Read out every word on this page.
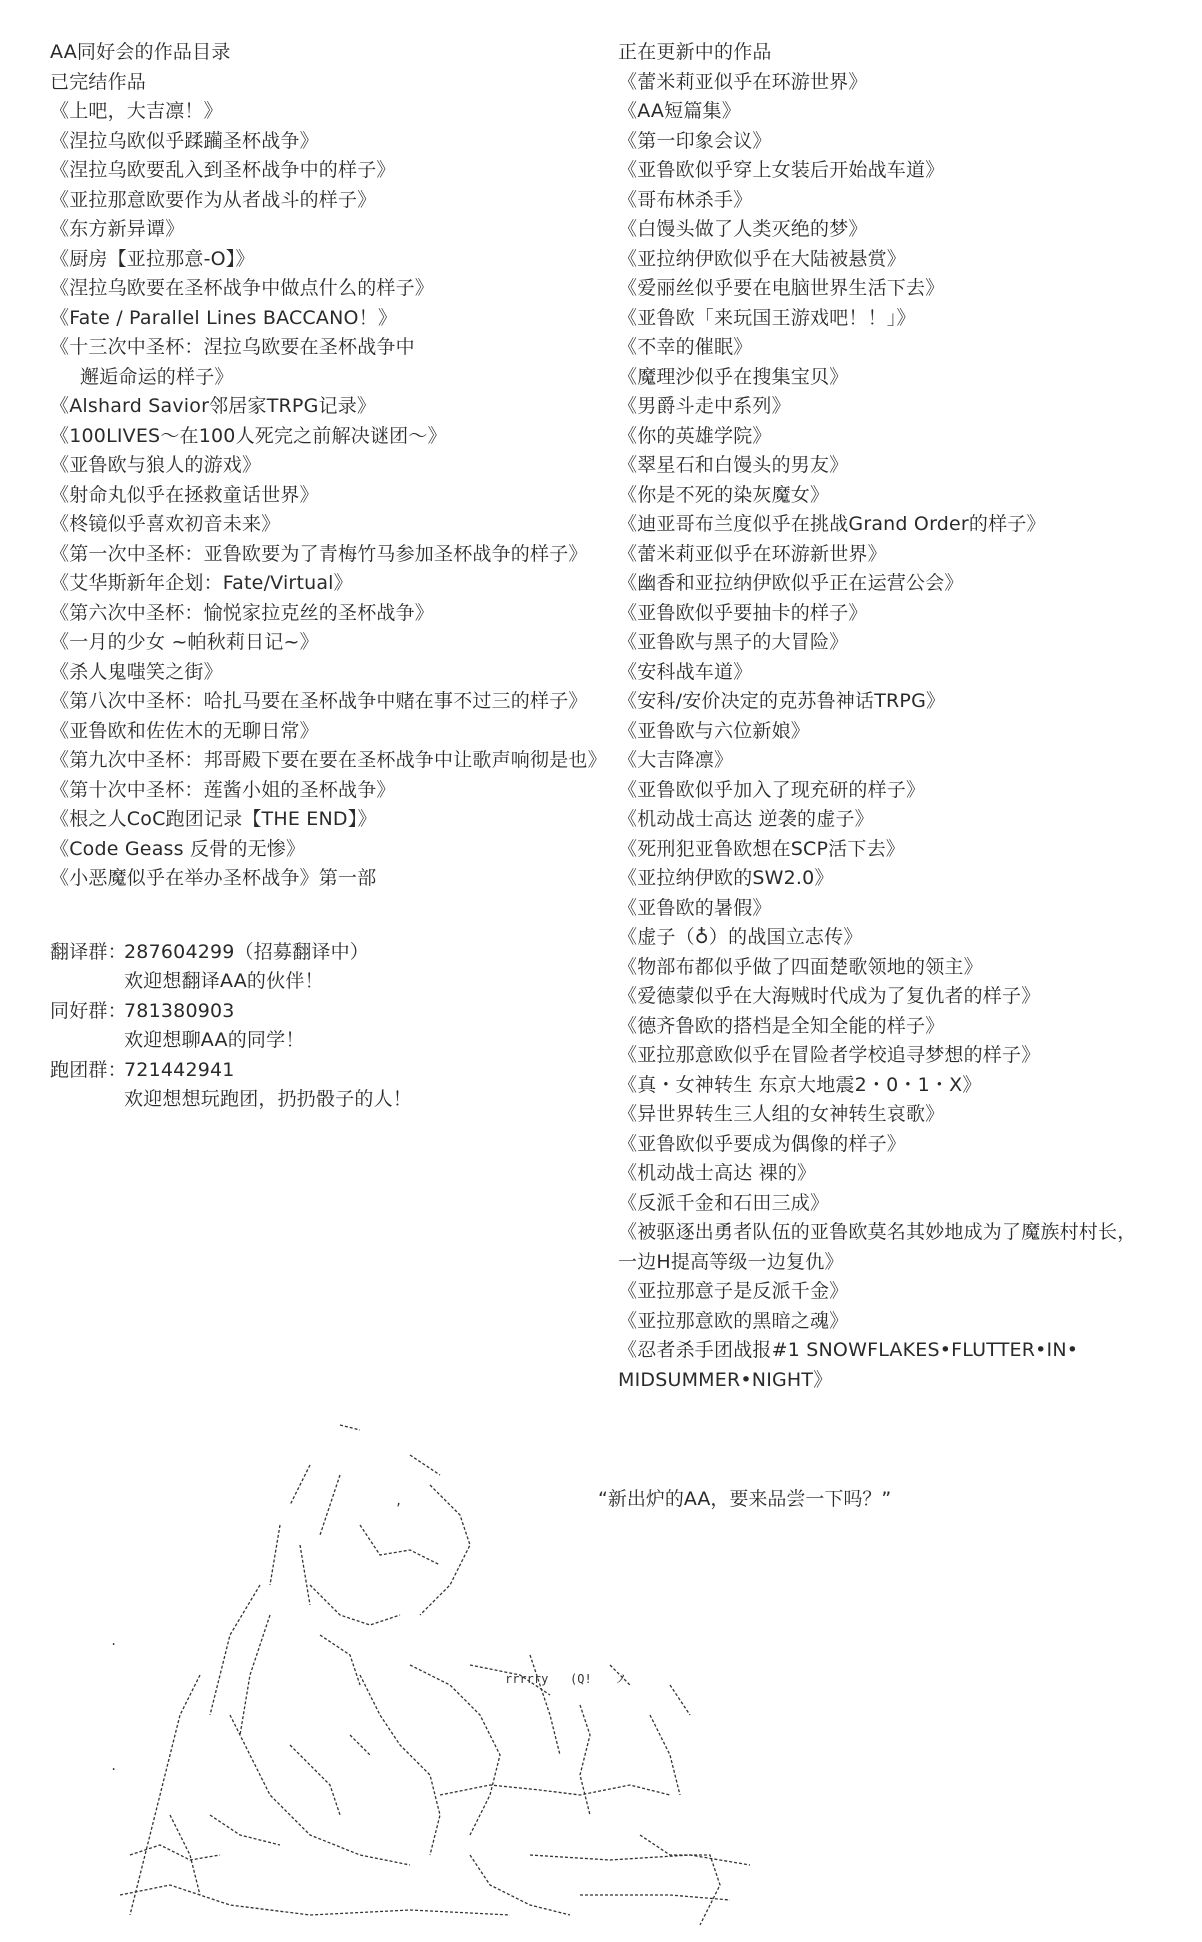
AA同好会的作品目录
已完结作品
《上吧，大吉凛！》
《涅拉乌欧似乎蹂躏圣杯战争》
《涅拉乌欧要乱入到圣杯战争中的样子》
《亚拉那意欧要作为从者战斗的样子》
《东方新异谭》
《厨房【亚拉那意-O】》
《涅拉乌欧要在圣杯战争中做点什么的样子》
《Fate / Parallel Lines BACCANO！》
《十三次中圣杯：涅拉乌欧要在圣杯战争中
邂逅命运的样子》
《Alshard Savior邻居家TRPG记录》
《100LIVES～在100人死完之前解决谜团～》
《亚鲁欧与狼人的游戏》
《射命丸似乎在拯救童话世界》
《柊镜似乎喜欢初音未来》
《第一次中圣杯：亚鲁欧要为了青梅竹马参加圣杯战争的样子》
《艾华斯新年企划：Fate/Virtual》
《第六次中圣杯：愉悦家拉克丝的圣杯战争》
《一月的少女 ~帕秋莉日记~》
《杀人鬼嗤笑之街》
《第八次中圣杯：哈扎马要在圣杯战争中赌在事不过三的样子》
《亚鲁欧和佐佐木的无聊日常》
《第九次中圣杯：邦哥殿下要在要在圣杯战争中让歌声响彻是也》
《第十次中圣杯：莲酱小姐的圣杯战争》
《根之人CoC跑团记录【THE END】》
《Code Geass 反骨的无惨》
《小恶魔似乎在举办圣杯战争》第一部
翻译群：
287604299（招募翻译中）
欢迎想翻译AA的伙伴！
同好群：
781380903
欢迎想聊AA的同学！
跑团群：
721442941
欢迎想想玩跑团，扔扔骰子的人！
正在更新中的作品
《蕾米莉亚似乎在环游世界》
《AA短篇集》
《第一印象会议》
《亚鲁欧似乎穿上女装后开始战车道》
《哥布林杀手》
《白馒头做了人类灭绝的梦》
《亚拉纳伊欧似乎在大陆被悬赏》
《爱丽丝似乎要在电脑世界生活下去》
《亚鲁欧「来玩国王游戏吧！！」》
《不幸的催眠》
《魔理沙似乎在搜集宝贝》
《男爵斗走中系列》
《你的英雄学院》
《翠星石和白馒头的男友》
《你是不死的染灰魔女》
《迪亚哥布兰度似乎在挑战Grand Order的样子》
《蕾米莉亚似乎在环游新世界》
《幽香和亚拉纳伊欧似乎正在运营公会》
《亚鲁欧似乎要抽卡的样子》
《亚鲁欧与黑子的大冒险》
《安科战车道》
《安科/安价决定的克苏鲁神话TRPG》
《亚鲁欧与六位新娘》
《大吉降凛》
《亚鲁欧似乎加入了现充研的样子》
《机动战士高达 逆袭的虚子》
《死刑犯亚鲁欧想在SCP活下去》
《亚拉纳伊欧的SW2.0》
《亚鲁欧的暑假》
《虚子（♁）的战国立志传》
《物部布都似乎做了四面楚歌领地的领主》
《爱德蒙似乎在大海贼时代成为了复仇者的样子》
《德齐鲁欧的搭档是全知全能的样子》
《亚拉那意欧似乎在冒险者学校追寻梦想的样子》
《真・女神转生 东京大地震2・0・1・X》
《异世界转生三人组的女神转生哀歌》
《亚鲁欧似乎要成为偶像的样子》
《机动战士高达 裸的》
《反派千金和石田三成》
《被驱逐出勇者队伍的亚鲁欧莫名其妙地成为了魔族村村长，
一边H提高等级一边复仇》
《亚拉那意子是反派千金》
《亚拉那意欧的黑暗之魂》
《忍者杀手团战报#1 SNOWFLAKES•FLUTTER•IN•
MIDSUMMER•NIGHT》
“新出炉的AA，要来品尝一下吗？”
rrrrry (Q! ノ
.
.
,
